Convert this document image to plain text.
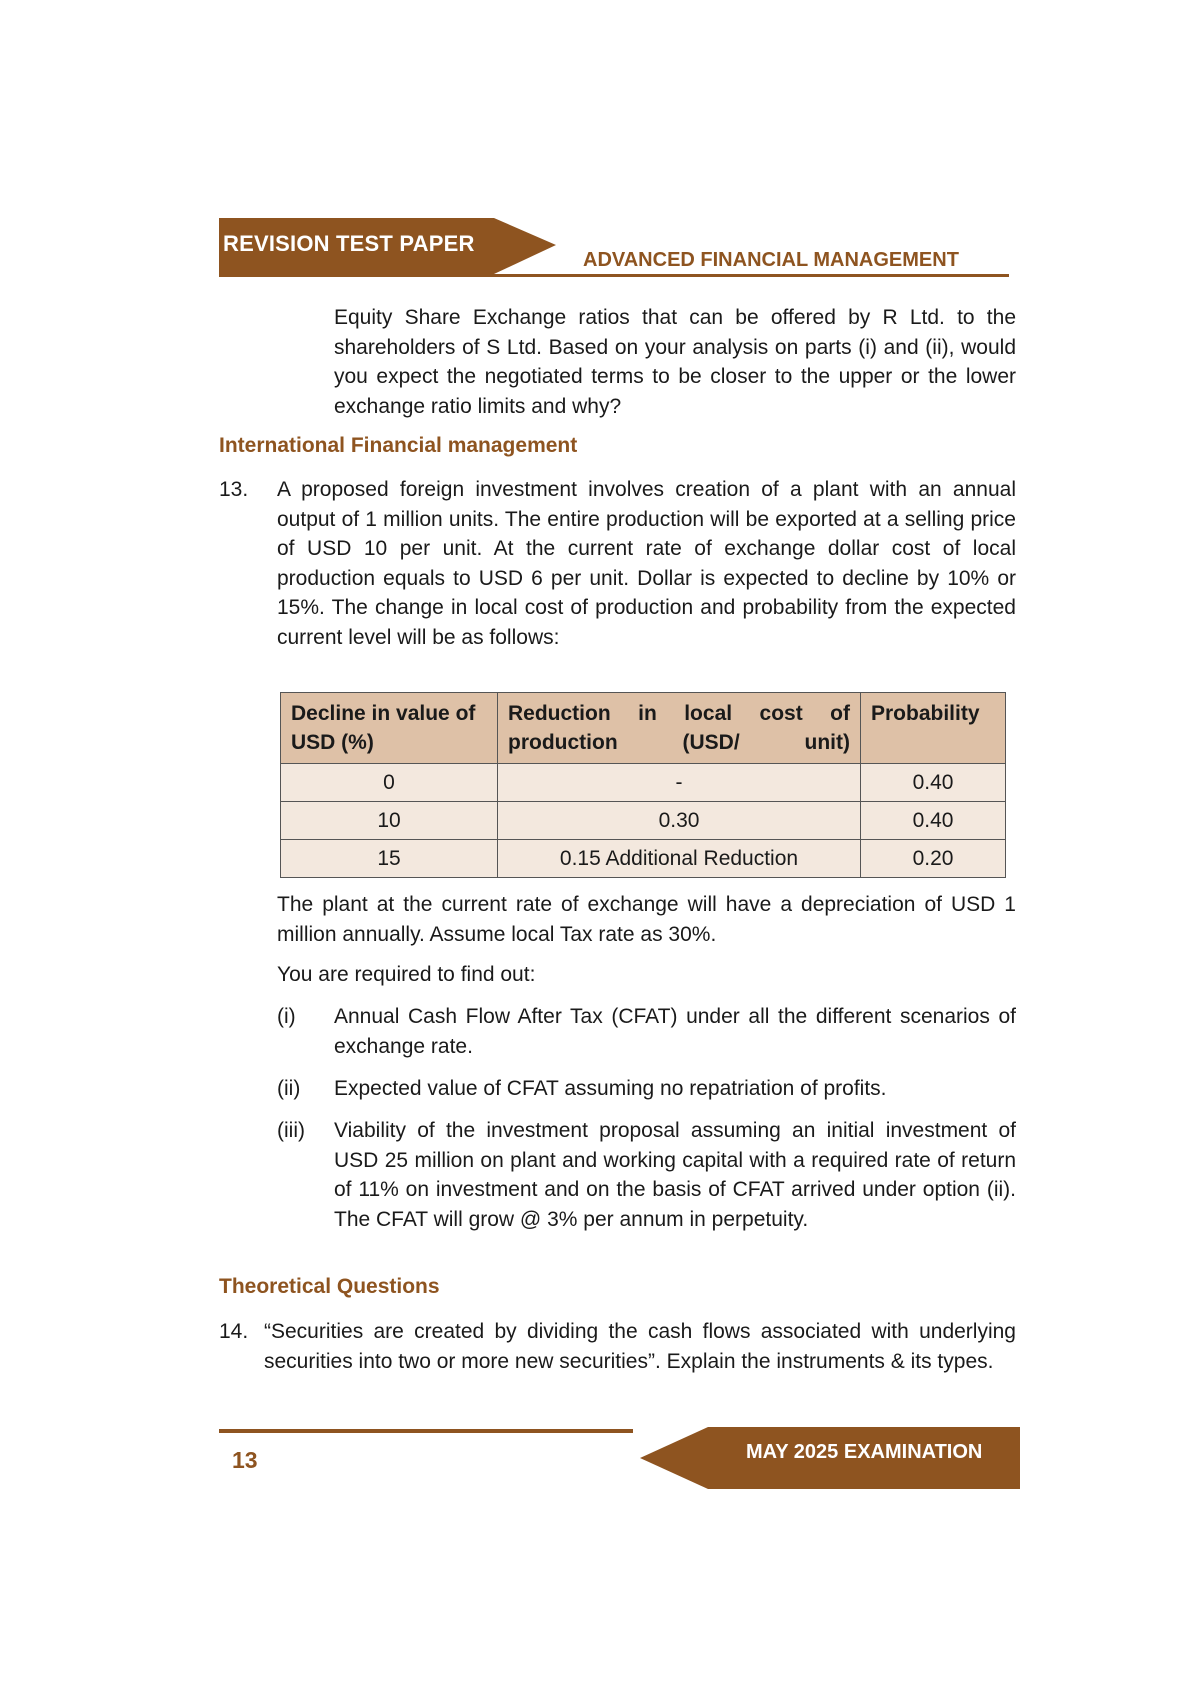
REVISION TEST PAPER
ADVANCED FINANCIAL MANAGEMENT
Equity Share Exchange ratios that can be offered by R Ltd. to the shareholders of S Ltd. Based on your analysis on parts (i) and (ii), would you expect the negotiated terms to be closer to the upper or the lower exchange ratio limits and why?
International Financial management
13. A proposed foreign investment involves creation of a plant with an annual output of 1 million units. The entire production will be exported at a selling price of USD 10 per unit. At the current rate of exchange dollar cost of local production equals to USD 6 per unit. Dollar is expected to decline by 10% or 15%. The change in local cost of production and probability from the expected current level will be as follows:
Decline in value of USD (%)	Reduction in local cost of production (USD/ unit)	Probability
0	-	0.40
10	0.30	0.40
15	0.15 Additional Reduction	0.20
The plant at the current rate of exchange will have a depreciation of USD 1 million annually. Assume local Tax rate as 30%.
You are required to find out:
(i) Annual Cash Flow After Tax (CFAT) under all the different scenarios of exchange rate.
(ii) Expected value of CFAT assuming no repatriation of profits.
(iii) Viability of the investment proposal assuming an initial investment of USD 25 million on plant and working capital with a required rate of return of 11% on investment and on the basis of CFAT arrived under option (ii). The CFAT will grow @ 3% per annum in perpetuity.
Theoretical Questions
14. “Securities are created by dividing the cash flows associated with underlying securities into two or more new securities”. Explain the instruments & its types.
13	MAY 2025 EXAMINATION
